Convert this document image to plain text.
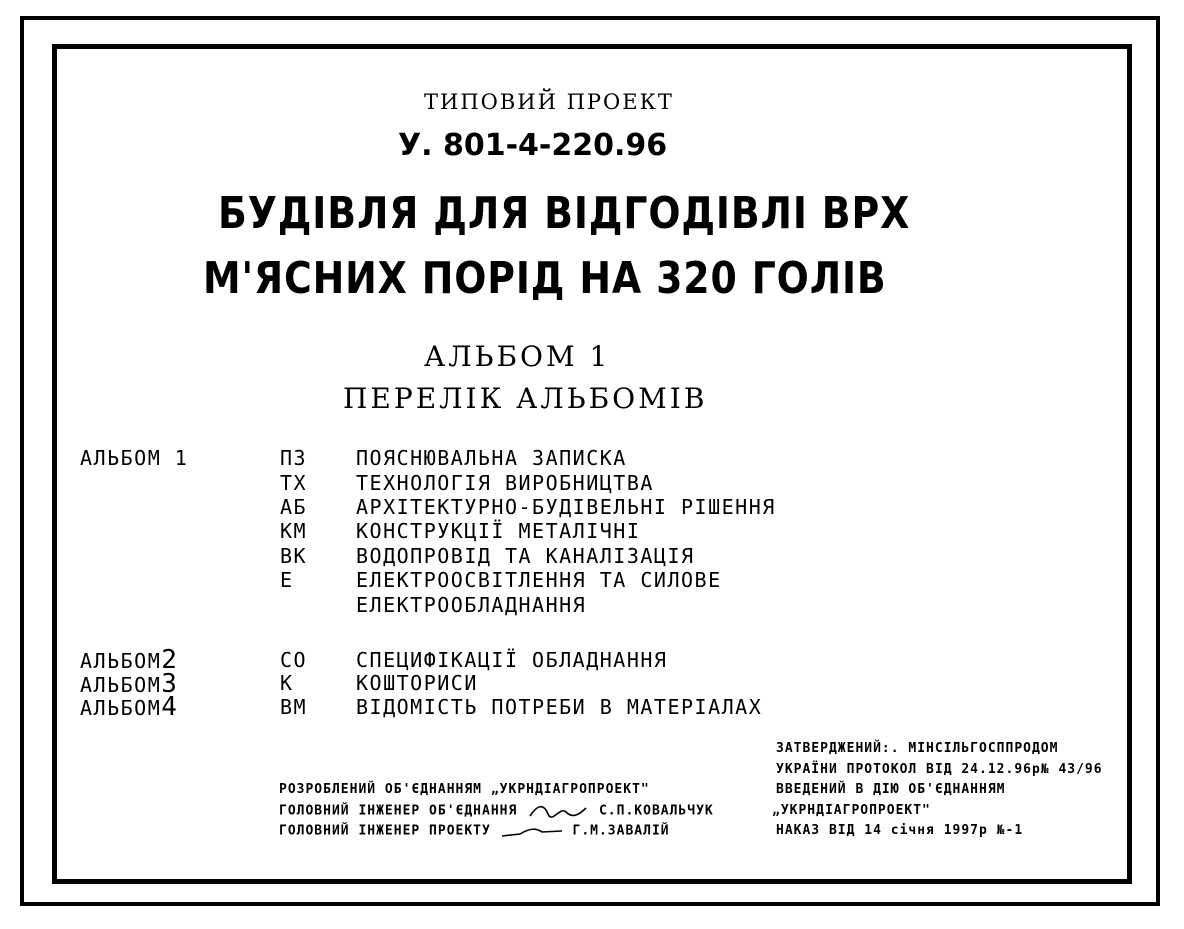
ТИПОВИЙ ПРОЕКТ
У. 801-4-220.96
БУДІВЛЯ ДЛЯ ВІДГОДІВЛІ ВРХ
М'ЯСНИХ ПОРІД НА 320 ГОЛІВ
АЛЬБОМ 1
ПЕРЕЛІК АЛЬБОМІВ
АЛЬБОМ 1	ПЗ ПОЯСНЮВАЛЬНА ЗАПИСКА
ТХ ТЕХНОЛОГІЯ ВИРОБНИЦТВА
АБ АРХІТЕКТУРНО-БУДІВЕЛЬНІ РІШЕННЯ
КМ КОНСТРУКЦІЇ МЕТАЛІЧНІ
ВК ВОДОПРОВІД ТА КАНАЛІЗАЦІЯ
Е	ЕЛЕКТРООСВІТЛЕННЯ ТА СИЛОВЕ
ЕЛЕКТРООБЛАДНАННЯ
АЛЬБОМ2	СО СПЕЦИФІКАЦІЇ ОБЛАДНАННЯ
АЛЬБОМ3	К	КОШТОРИСИ
АЛЬБОМ4	ВМ ВІДОМІСТЬ ПОТРЕБИ В МАТЕРІАЛАХ
ЗАТВЕРДЖЕНИЙ:. МІНСІЛЬГОСППРОДОМ
УКРАЇНИ ПРОТОКОЛ ВІД 24.12.96р№ 43/96
ВВЕДЕНИЙ В ДІЮ ОБ'ЄДНАННЯМ
„УКРНДІАГРОПРОЕКТ"
НАКАЗ ВІД 14 січня 1997р №-1
РОЗРОБЛЕНИЙ ОБ'ЄДНАННЯМ „УКРНДІАГРОПРОЕКТ"
ГОЛОВНИЙ ІНЖЕНЕР ОБ'ЄДНАННЯ	С.П.КОВАЛЬЧУК
ГОЛОВНИЙ ІНЖЕНЕР ПРОЕКТУ	Г.М.ЗАВАЛІЙ
